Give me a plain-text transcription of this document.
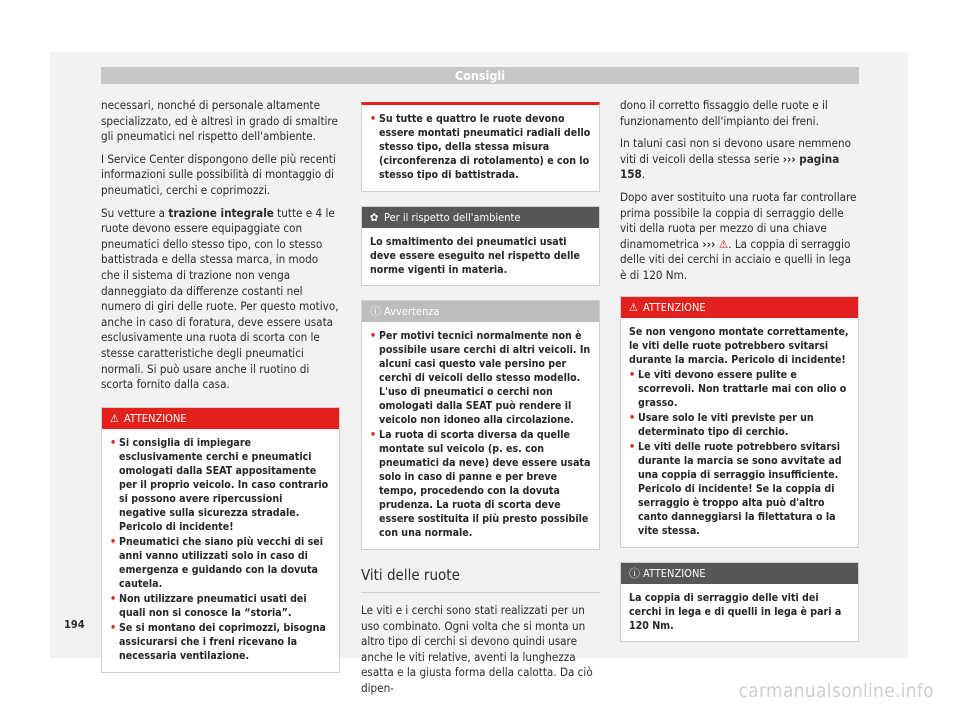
Consigli

necessari, nonché di personale altamente specializzato, ed è altresì in grado di smaltire gli pneumatici nel rispetto dell'ambiente.

I Service Center dispongono delle più recenti informazioni sulle possibilità di montaggio di pneumatici, cerchi e coprimozzi.

Su vetture a trazione integrale tutte e 4 le ruote devono essere equipaggiate con pneumatici dello stesso tipo, con lo stesso battistrada e della stessa marca, in modo che il sistema di trazione non venga danneggiato da differenze costanti nel numero di giri delle ruote. Per questo motivo, anche in caso di foratura, deve essere usata esclusivamente una ruota di scorta con le stesse caratteristiche degli pneumatici normali. Si può usare anche il ruotino di scorta fornito dalla casa.

⚠ ATTENZIONE
• Si consiglia di impiegare esclusivamente cerchi e pneumatici omologati dalla SEAT appositamente per il proprio veicolo. In caso contrario si possono avere ripercussioni negative sulla sicurezza stradale. Pericolo di incidente!
• Pneumatici che siano più vecchi di sei anni vanno utilizzati solo in caso di emergenza e guidando con la dovuta cautela.
• Non utilizzare pneumatici usati dei quali non si conosce la “storia”.
• Se si montano dei coprimozzi, bisogna assicurarsi che i freni ricevano la necessaria ventilazione.
• Su tutte e quattro le ruote devono essere montati pneumatici radiali dello stesso tipo, della stessa misura (circonferenza di rotolamento) e con lo stesso tipo di battistrada.
✿ Per il rispetto dell'ambiente
Lo smaltimento dei pneumatici usati deve essere eseguito nel rispetto delle norme vigenti in materia.
ⓘ Avvertenza
• Per motivi tecnici normalmente non è possibile usare cerchi di altri veicoli. In alcuni casi questo vale persino per cerchi di veicoli dello stesso modello. L'uso di pneumatici o cerchi non omologati dalla SEAT può rendere il veicolo non idoneo alla circolazione.
• La ruota di scorta diversa da quelle montate sul veicolo (p. es. con pneumatici da neve) deve essere usata solo in caso di panne e per breve tempo, procedendo con la dovuta prudenza. La ruota di scorta deve essere sostituita il più presto possibile con una normale.
Viti delle ruote

Le viti e i cerchi sono stati realizzati per un uso combinato. Ogni volta che si monta un altro tipo di cerchi si devono quindi usare anche le viti relative, aventi la lunghezza esatta e la giusta forma della calotta. Da ciò dipen-

dono il corretto fissaggio delle ruote e il funzionamento dell'impianto dei freni.

In taluni casi non si devono usare nemmeno viti di veicoli della stessa serie ››› pagina 158.

Dopo aver sostituito una ruota far controllare prima possibile la coppia di serraggio delle viti della ruota per mezzo di una chiave dinamometrica ››› ⚠. La coppia di serraggio delle viti dei cerchi in acciaio e quelli in lega è di 120 Nm.

⚠ ATTENZIONE
Se non vengono montate correttamente, le viti delle ruote potrebbero svitarsi durante la marcia. Pericolo di incidente!
• Le viti devono essere pulite e scorrevoli. Non trattarle mai con olio o grasso.
• Usare solo le viti previste per un determinato tipo di cerchio.
• Le viti delle ruote potrebbero svitarsi durante la marcia se sono avvitate ad una coppia di serraggio insufficiente. Pericolo di incidente! Se la coppia di serraggio è troppo alta può d'altro canto danneggiarsi la filettatura o la vite stessa.
ⓘ ATTENZIONE
La coppia di serraggio delle viti dei cerchi in lega e di quelli in lega è pari a 120 Nm.
194
carmanualsonline.info
